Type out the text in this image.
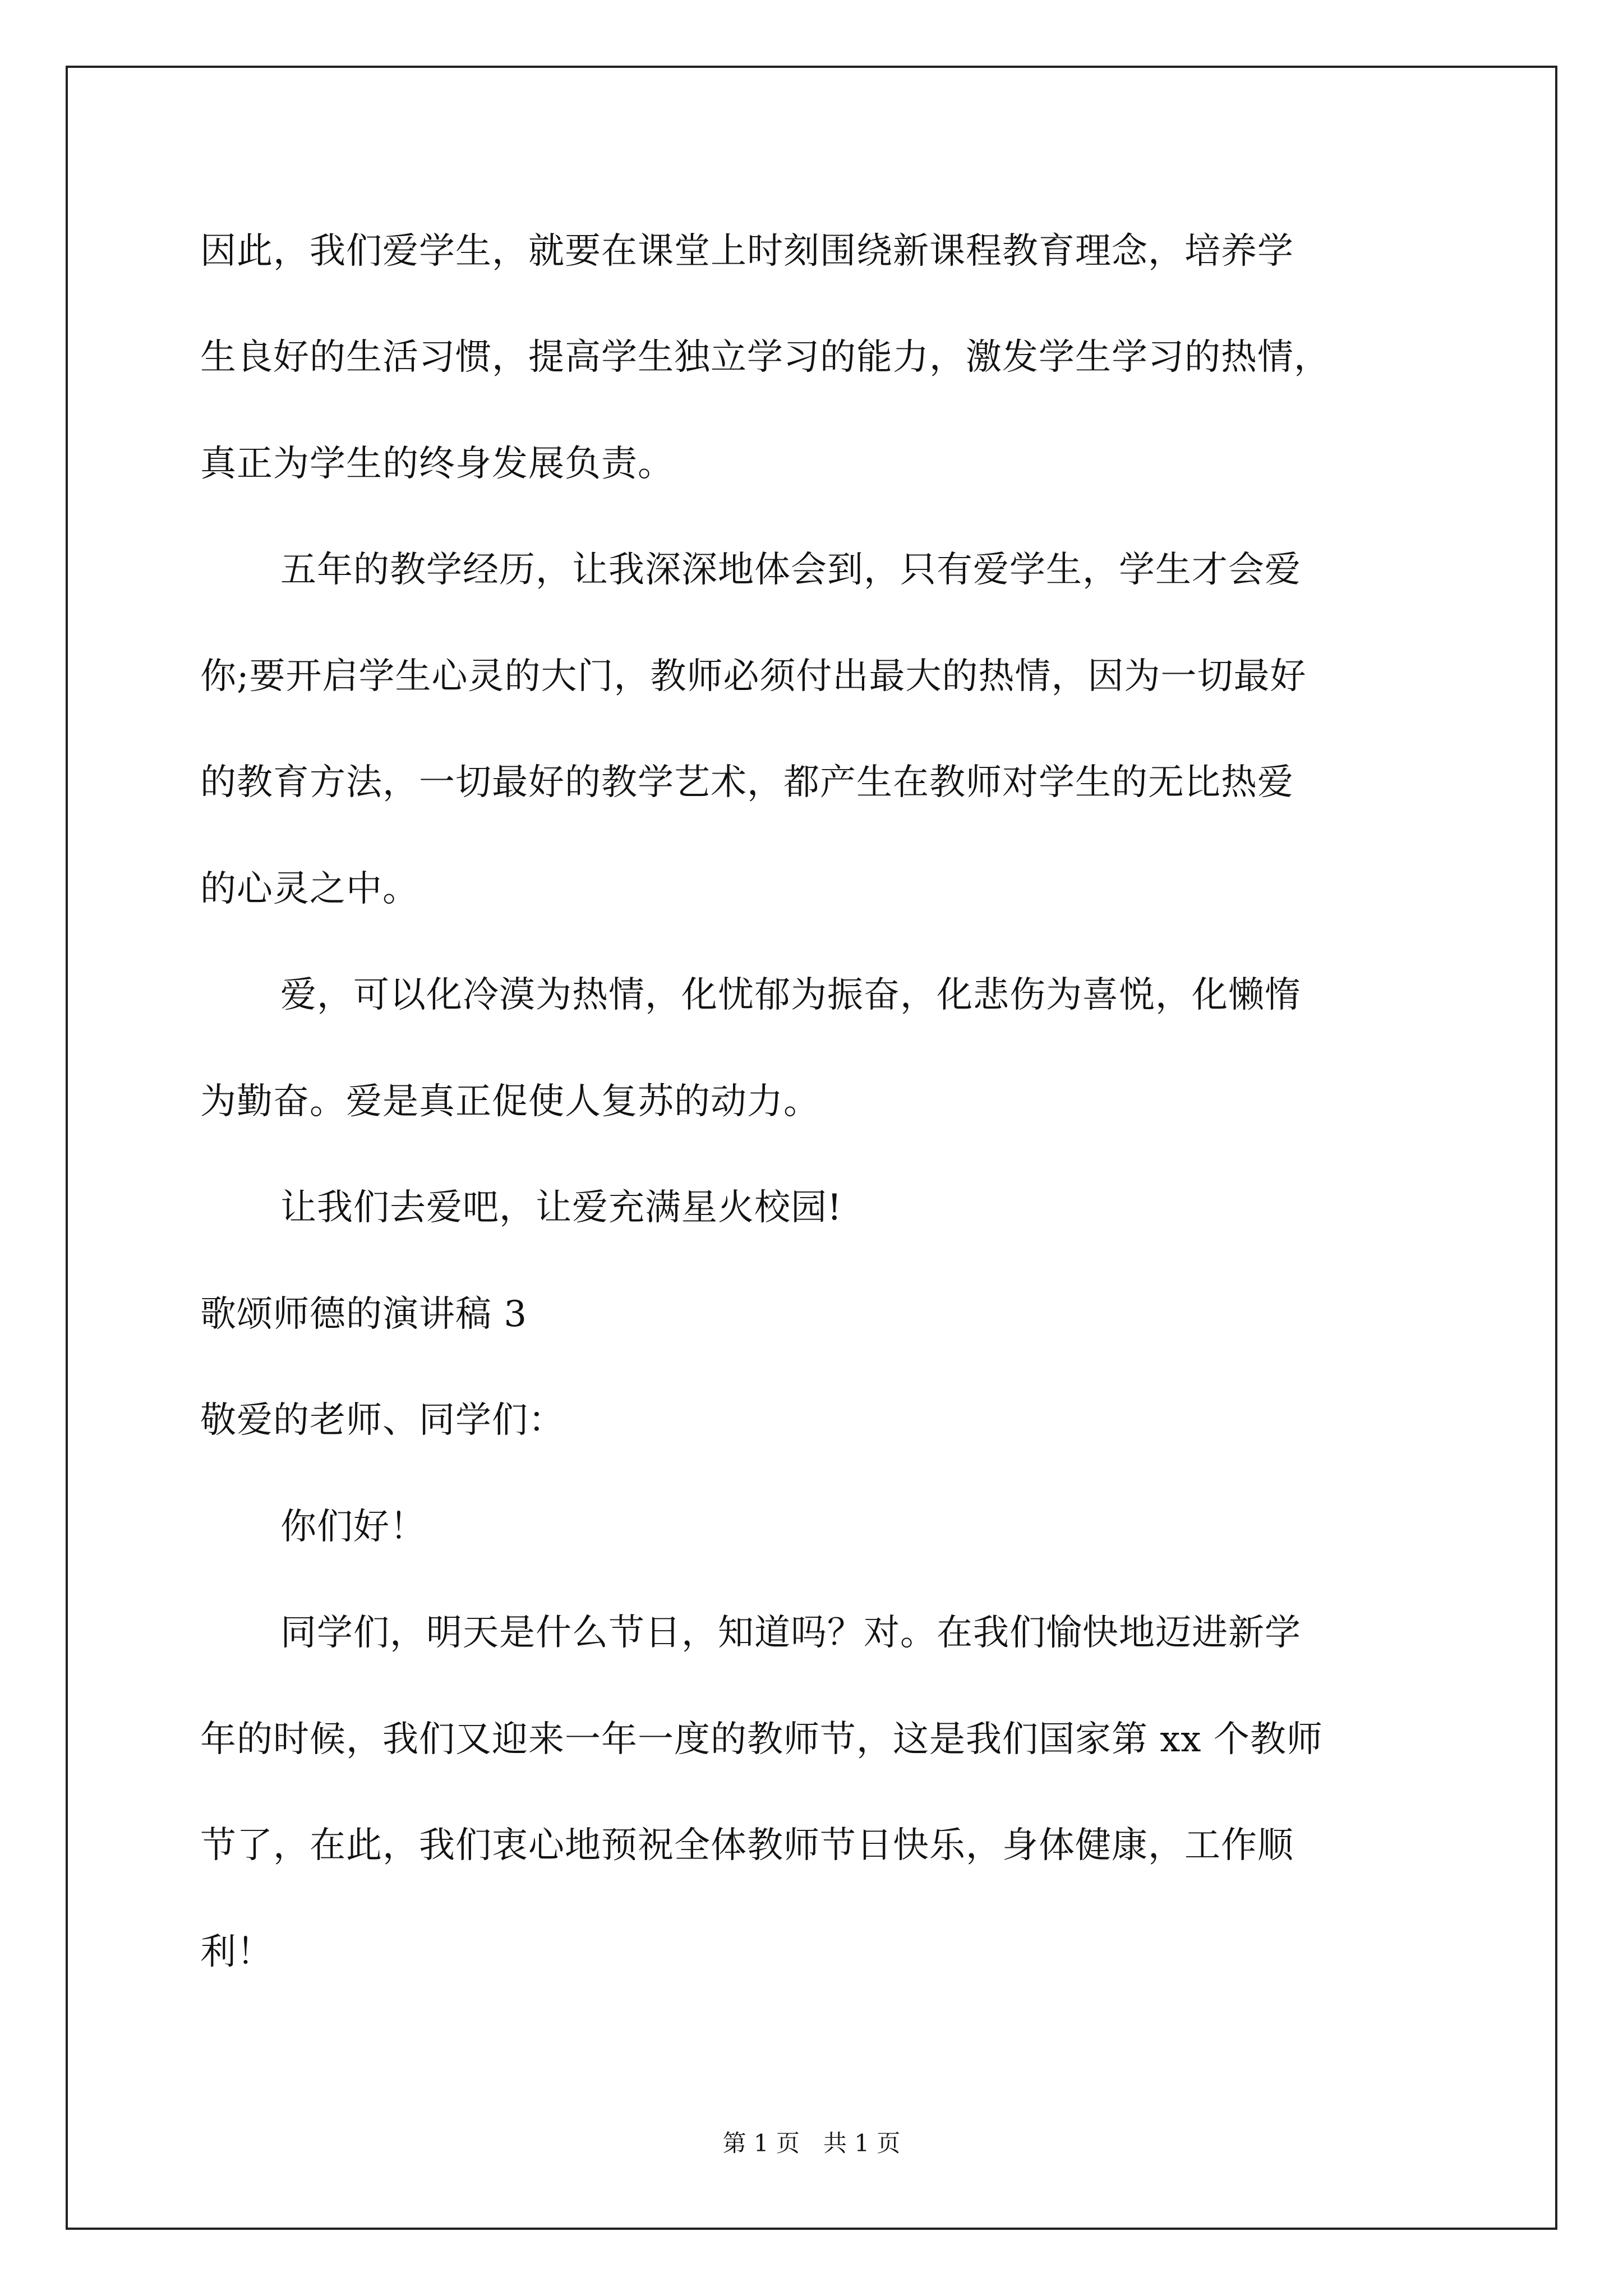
因此，我们爱学生，就要在课堂上时刻围绕新课程教育理念，培养学
生良好的生活习惯，提高学生独立学习的能力，激发学生学习的热情，
真正为学生的终身发展负责。
五年的教学经历，让我深深地体会到，只有爱学生，学生才会爱
你;要开启学生心灵的大门，教师必须付出最大的热情，因为一切最好
的教育方法，一切最好的教学艺术，都产生在教师对学生的无比热爱
的心灵之中。
爱，可以化冷漠为热情，化忧郁为振奋，化悲伤为喜悦，化懒惰
为勤奋。爱是真正促使人复苏的动力。
让我们去爱吧，让爱充满星火校园!
歌颂师德的演讲稿 3
敬爱的老师、同学们：
你们好！
同学们，明天是什么节日，知道吗？对。在我们愉快地迈进新学
年的时候，我们又迎来一年一度的教师节，这是我们国家第 xx 个教师
节了，在此，我们衷心地预祝全体教师节日快乐，身体健康，工作顺
利！
第 1 页　共 1 页
